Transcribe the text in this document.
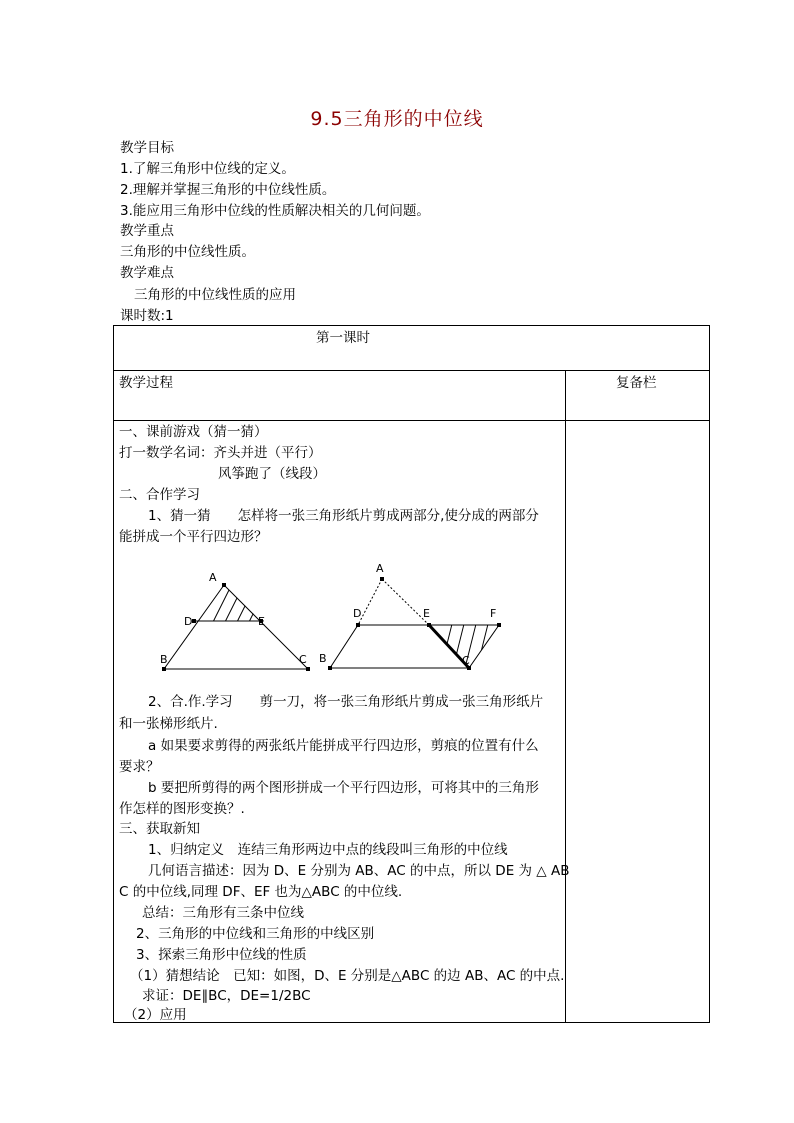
9.5三角形的中位线
教学目标
1.了解三角形中位线的定义。
2.理解并掌握三角形的中位线性质。
3.能应用三角形中位线的性质解决相关的几何问题。
教学重点
三角形的中位线性质。
教学难点
三角形的中位线性质的应用
课时数:1
第一课时
教学过程	复备栏
一、课前游戏（猜一猜）
打一数学名词：齐头并进（平行）
风筝跑了（线段）
二、合作学习
1、猜一猜　　怎样将一张三角形纸片剪成两部分,使分成的两部分
能拼成一个平行四边形？
A
D	E
B	C
A
D	E	F
B	C
2、合.作.学习　　剪一刀，将一张三角形纸片剪成一张三角形纸片
和一张梯形纸片.
a 如果要求剪得的两张纸片能拼成平行四边形，剪痕的位置有什么
要求？
b 要把所剪得的两个图形拼成一个平行四边形，可将其中的三角形
作怎样的图形变换？.
三、获取新知
1、归纳定义　连结三角形两边中点的线段叫三角形的中位线
几何语言描述：因为 D、E 分别为 AB、AC 的中点，所以 DE 为 △ AB
C 的中位线,同理 DF、EF 也为△ABC 的中位线.
总结：三角形有三条中位线
2、三角形的中位线和三角形的中线区别
3、探索三角形中位线的性质
（1）猜想结论　已知：如图，D、E 分别是△ABC 的边 AB、AC 的中点.
求证：DE∥BC，DE=1/2BC
（2）应用
